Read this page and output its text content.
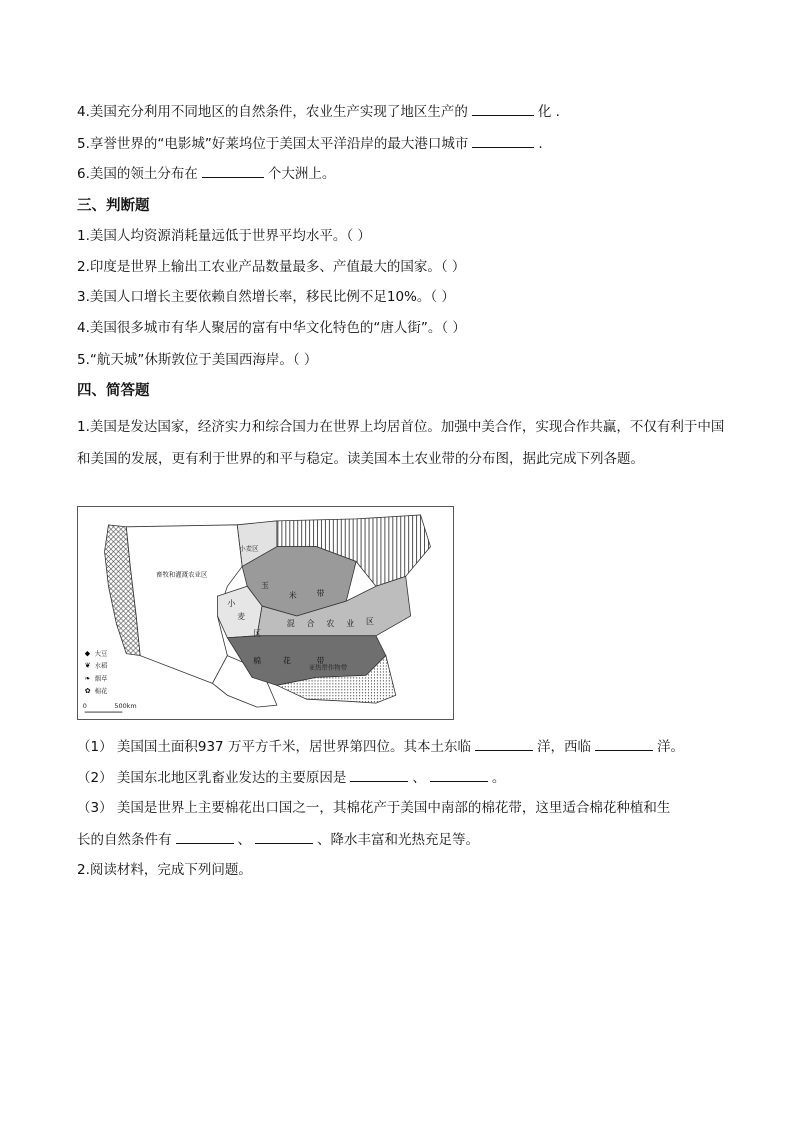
4.美国充分利用不同地区的自然条件，农业生产实现了地区生产的	化 .
5.享誉世界的“电影城”好莱坞位于美国太平洋沿岸的最大港口城市	.
6.美国的领土分布在	个大洲上。
三、判断题
1.美国人均资源消耗量远低于世界平均水平。（ ）
2.印度是世界上输出工农业产品数量最多、产值最大的国家。（ ）
3.美国人口增长主要依赖自然增长率，移民比例不足10%。（ ）
4.美国很多城市有华人聚居的富有中华文化特色的“唐人街”。（ ）
5.“航天城”休斯敦位于美国西海岸。（ ）
四、简答题
1.美国是发达国家，经济实力和综合国力在世界上均居首位。加强中美合作，实现合作共赢，不仅有利于中国和美国的发展，更有利于世界的和平与稳定。读美国本土农业带的分布图，据此完成下列各题。
畜牧和灌溉农业区
小麦区
玉
米 带
小
麦
区
混 合 农 业 区
棉	花	带
亚热带作物带
◆ 大豆
❦ 水稻
❧ 烟草
✿ 棉花
0	500km
（1） 美国国土面积937 万平方千米，居世界第四位。其本土东临	洋，西临	洋。
（2） 美国东北地区乳畜业发达的主要原因是	、	。
（3） 美国是世界上主要棉花出口国之一，其棉花产于美国中南部的棉花带，这里适合棉花种植和生
长的自然条件有	、	、降水丰富和光热充足等。
2.阅读材料，完成下列问题。
